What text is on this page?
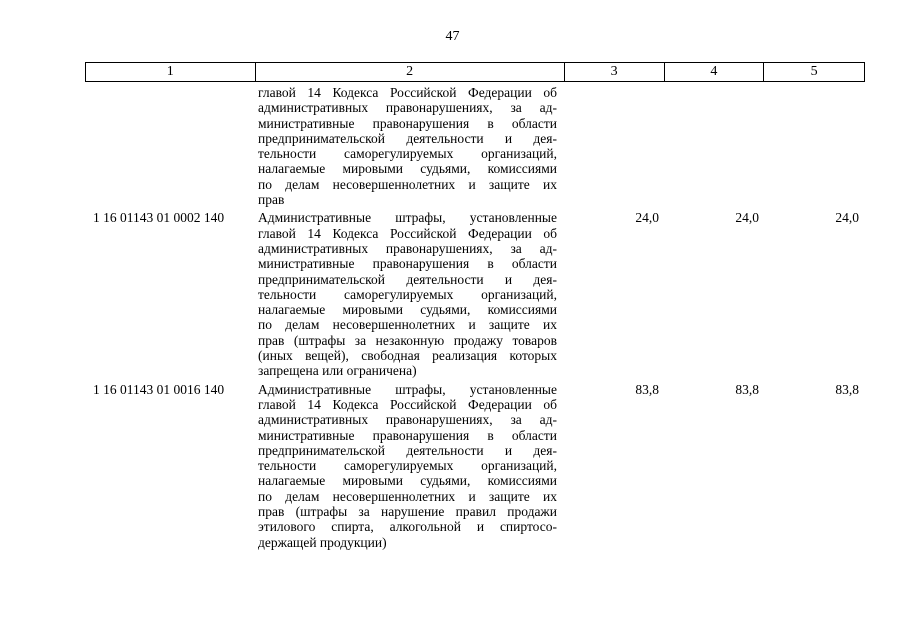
47
1	2	3	4	5
главой 14 Кодекса Российской Федерации об
административных правонарушениях, за ад-
министративные правонарушения в области
предпринимательской деятельности и дея-
тельности саморегулируемых организаций,
налагаемые мировыми судьями, комиссиями
по делам несовершеннолетних и защите их
прав
1 16 01143 01 0002 140	Административные штрафы, установленные
главой 14 Кодекса Российской Федерации об
административных правонарушениях, за ад-
министративные правонарушения в области
предпринимательской деятельности и дея-
тельности саморегулируемых организаций,
налагаемые мировыми судьями, комиссиями
по делам несовершеннолетних и защите их
прав (штрафы за незаконную продажу товаров
(иных вещей), свободная реализация которых
запрещена или ограничена)
24,0	24,0	24,0
1 16 01143 01 0016 140	Административные штрафы, установленные
главой 14 Кодекса Российской Федерации об
административных правонарушениях, за ад-
министративные правонарушения в области
предпринимательской деятельности и дея-
тельности саморегулируемых организаций,
налагаемые мировыми судьями, комиссиями
по делам несовершеннолетних и защите их
прав (штрафы за нарушение правил продажи
этилового спирта, алкогольной и спиртосо-
держащей продукции)
83,8	83,8	83,8
